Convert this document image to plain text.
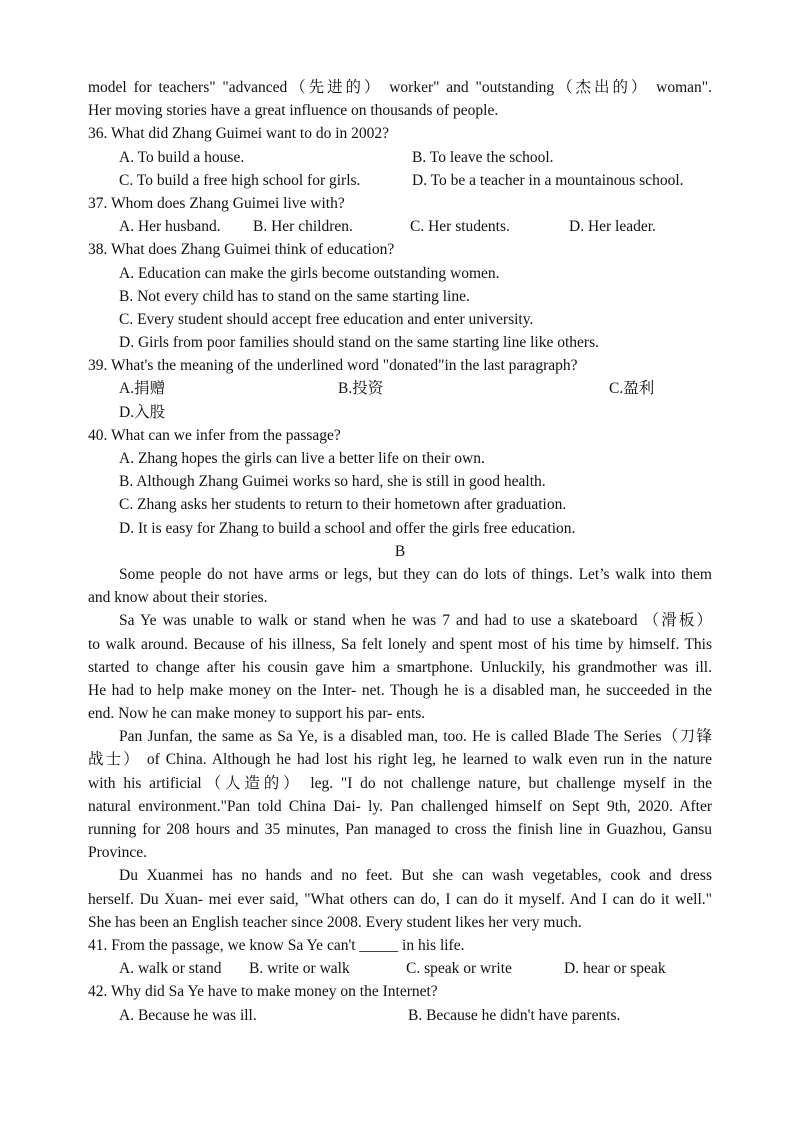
model for teachers" "advanced（先进的） worker" and "outstanding（杰出的） woman".
Her moving stories have a great influence on thousands of people.
36. What did Zhang Guimei want to do in 2002?
A. To build a house.	B. To leave the school.
C. To build a free high school for girls.	D. To be a teacher in a mountainous school.
37. Whom does Zhang Guimei live with?
A. Her husband.	B. Her children.	C. Her students.	D. Her leader.
38. What does Zhang Guimei think of education?
A. Education can make the girls become outstanding women.
B. Not every child has to stand on the same starting line.
C. Every student should accept free education and enter university.
D. Girls from poor families should stand on the same starting line like others.
39. What's the meaning of the underlined word "donated"in the last paragraph?
A.捐赠	B.投资	C.盈利
D.入股
40. What can we infer from the passage?
A. Zhang hopes the girls can live a better life on their own.
B. Although Zhang Guimei works so hard, she is still in good health.
C. Zhang asks her students to return to their hometown after graduation.
D. It is easy for Zhang to build a school and offer the girls free education.
B
Some people do not have arms or legs, but they can do lots of things. Let’s walk into them
and know about their stories.
Sa Ye was unable to walk or stand when he was 7 and had to use a skateboard （滑板）
to walk around. Because of his illness, Sa felt lonely and spent most of his time by himself. This
started to change after his cousin gave him a smartphone. Unluckily, his grandmother was ill.
He had to help make money on the Inter- net. Though he is a disabled man, he succeeded in the
end. Now he can make money to support his par- ents.
Pan Junfan, the same as Sa Ye, is a disabled man, too. He is called Blade The Series（刀锋
战士） of China. Although he had lost his right leg, he learned to walk even run in the nature
with his artificial（人造的） leg. "I do not challenge nature, but challenge myself in the
natural environment."Pan told China Dai- ly. Pan challenged himself on Sept 9th, 2020. After
running for 208 hours and 35 minutes, Pan managed to cross the finish line in Guazhou, Gansu
Province.
Du Xuanmei has no hands and no feet. But she can wash vegetables, cook and dress
herself. Du Xuan- mei ever said, "What others can do, I can do it myself. And I can do it well."
She has been an English teacher since 2008. Every student likes her very much.
41. From the passage, we know Sa Ye can't _____ in his life.
A. walk or stand	B. write or walk	C. speak or write	D. hear or speak
42. Why did Sa Ye have to make money on the Internet?
A. Because he was ill.	B. Because he didn't have parents.
